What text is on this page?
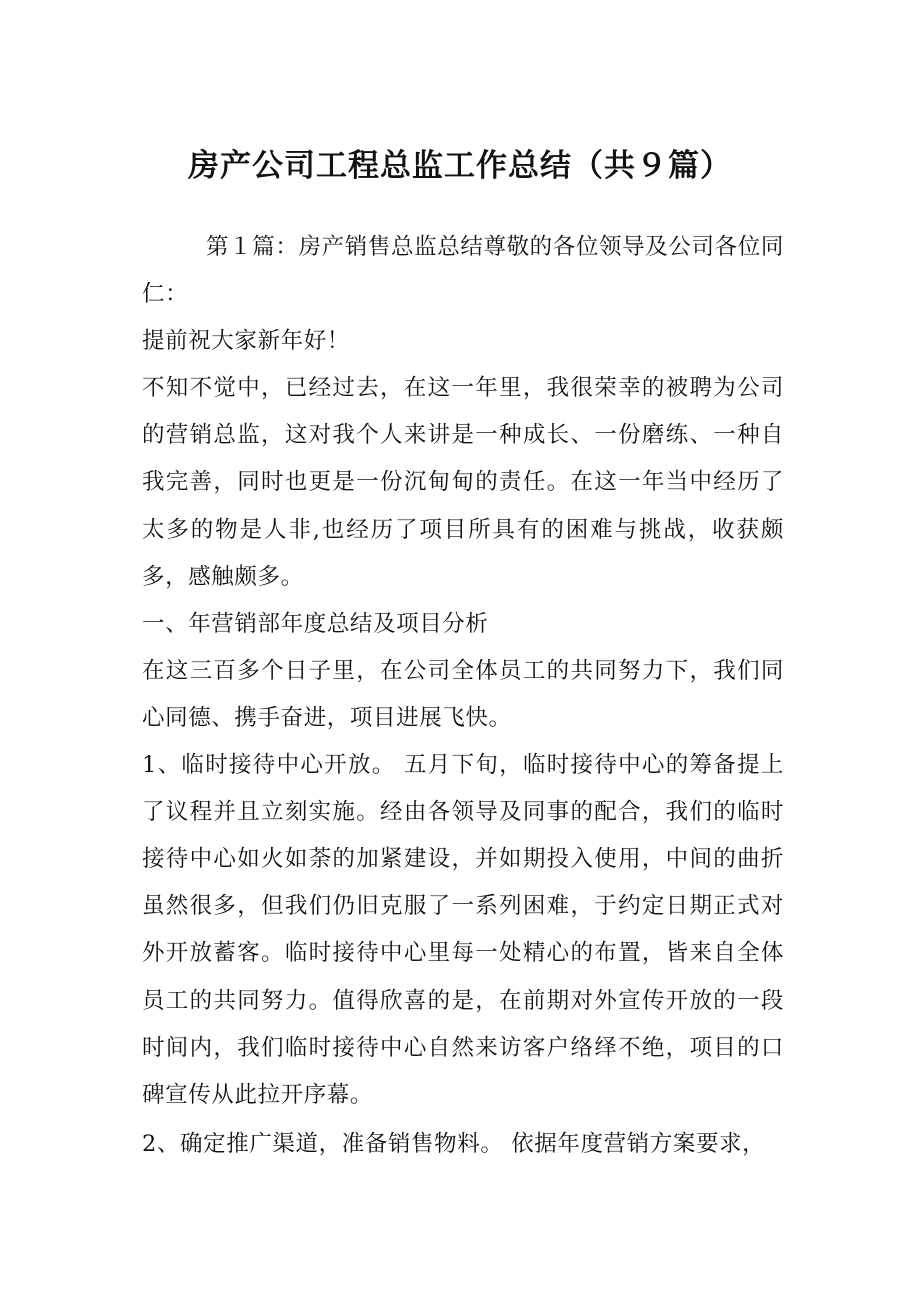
房产公司工程总监工作总结（共９篇）

第１篇：房产销售总监总结尊敬的各位领导及公司各位同仁：

提前祝大家新年好！

不知不觉中，已经过去，在这一年里，我很荣幸的被聘为公司的营销总监，这对我个人来讲是一种成长、一份磨练、一种自我完善，同时也更是一份沉甸甸的责任。在这一年当中经历了太多的物是人非,也经历了项目所具有的困难与挑战，收获颇多，感触颇多。

一、年营销部年度总结及项目分析

在这三百多个日子里，在公司全体员工的共同努力下，我们同心同德、携手奋进，项目进展飞快。

1、临时接待中心开放。 五月下旬，临时接待中心的筹备提上了议程并且立刻实施。经由各领导及同事的配合，我们的临时接待中心如火如荼的加紧建设，并如期投入使用，中间的曲折虽然很多，但我们仍旧克服了一系列困难，于约定日期正式对外开放蓄客。临时接待中心里每一处精心的布置，皆来自全体员工的共同努力。值得欣喜的是，在前期对外宣传开放的一段时间内，我们临时接待中心自然来访客户络绎不绝，项目的口碑宣传从此拉开序幕。

2、确定推广渠道，准备销售物料。 依据年度营销方案要求，
